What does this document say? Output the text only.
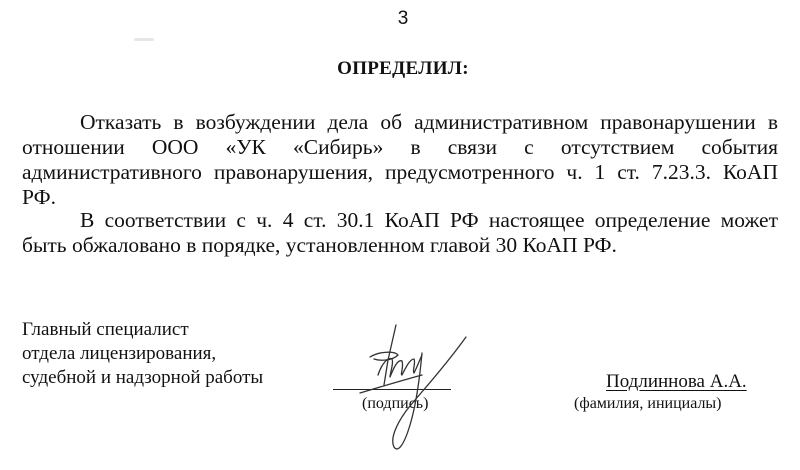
3
ОПРЕДЕЛИЛ:
Отказать в возбуждении дела об административном правонарушении в
отношении ООО «УК «Сибирь» в связи с отсутствием события
административного правонарушения, предусмотренного ч. 1 ст. 7.23.3. КоАП
РФ.
В соответствии с ч. 4 ст. 30.1 КоАП РФ настоящее определение может
быть обжаловано в порядке, установленном главой 30 КоАП РФ.
Главный специалист
отдела лицензирования,
судебной и надзорной работы
(подпись)
Подлиннова А.А.
(фамилия, инициалы)
